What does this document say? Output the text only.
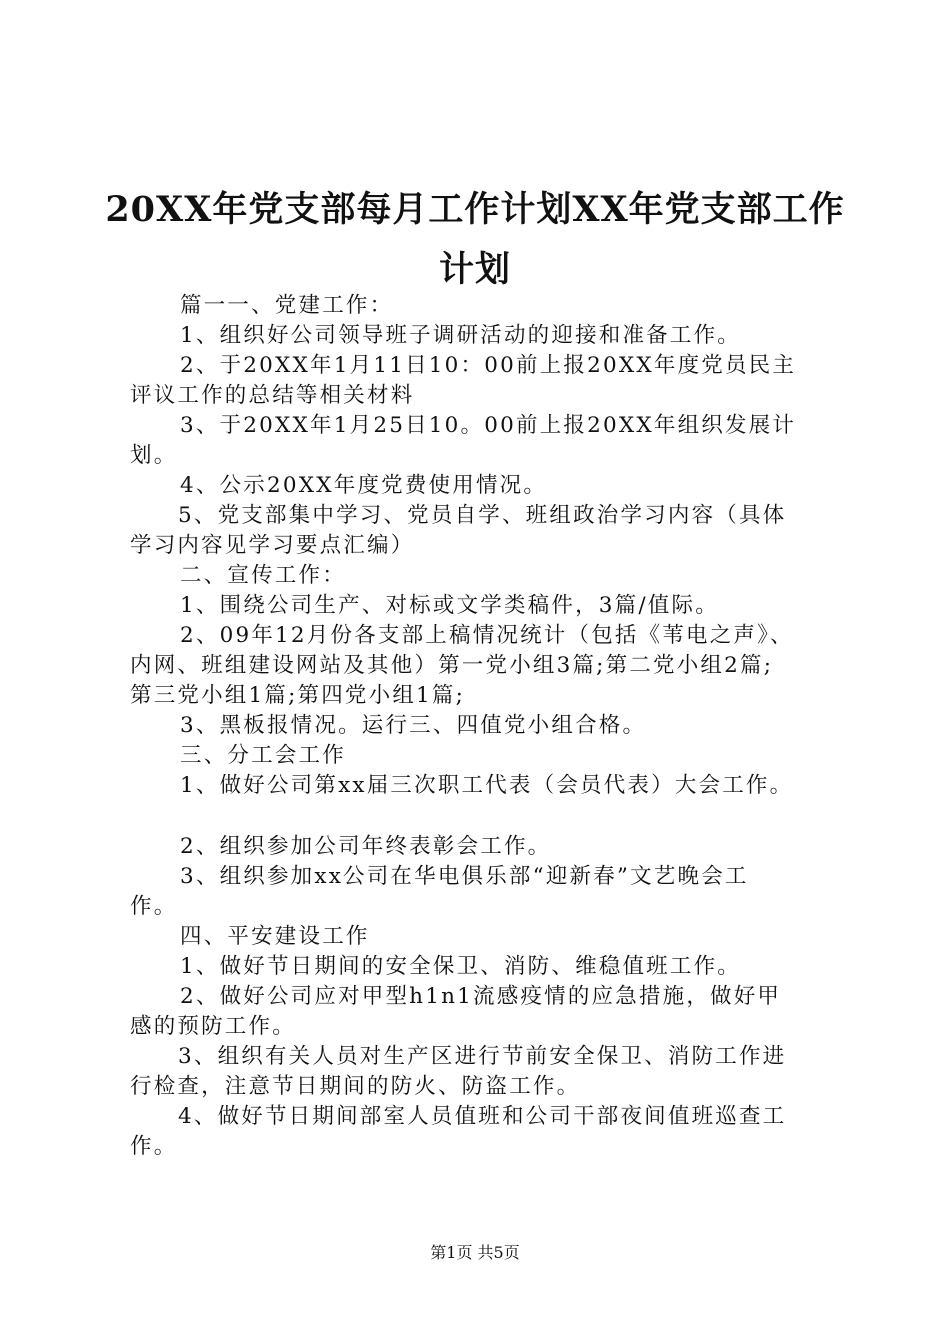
20XX年党支部每月工作计划XX年党支部工作
计划
篇一一、党建工作：
1、组织好公司领导班子调研活动的迎接和准备工作。
2、于20XX年1月11日10：00前上报20XX年度党员民主
评议工作的总结等相关材料
3、于20XX年1月25日10。00前上报20XX年组织发展计
划。
4、公示20XX年度党费使用情况。
5、党支部集中学习、党员自学、班组政治学习内容（具体
学习内容见学习要点汇编）
二、宣传工作：
1、围绕公司生产、对标或文学类稿件，3篇/值际。
2、09年12月份各支部上稿情况统计（包括《苇电之声》、
内网、班组建设网站及其他）第一党小组3篇;第二党小组2篇;
第三党小组1篇;第四党小组1篇;
3、黑板报情况。运行三、四值党小组合格。
三、分工会工作
1、做好公司第xx届三次职工代表（会员代表）大会工作。
2、组织参加公司年终表彰会工作。
3、组织参加xx公司在华电俱乐部“迎新春”文艺晚会工
作。
四、平安建设工作
1、做好节日期间的安全保卫、消防、维稳值班工作。
2、做好公司应对甲型h1n1流感疫情的应急措施，做好甲
感的预防工作。
3、组织有关人员对生产区进行节前安全保卫、消防工作进
行检查，注意节日期间的防火、防盗工作。
4、做好节日期间部室人员值班和公司干部夜间值班巡查工
作。
第1页 共5页
